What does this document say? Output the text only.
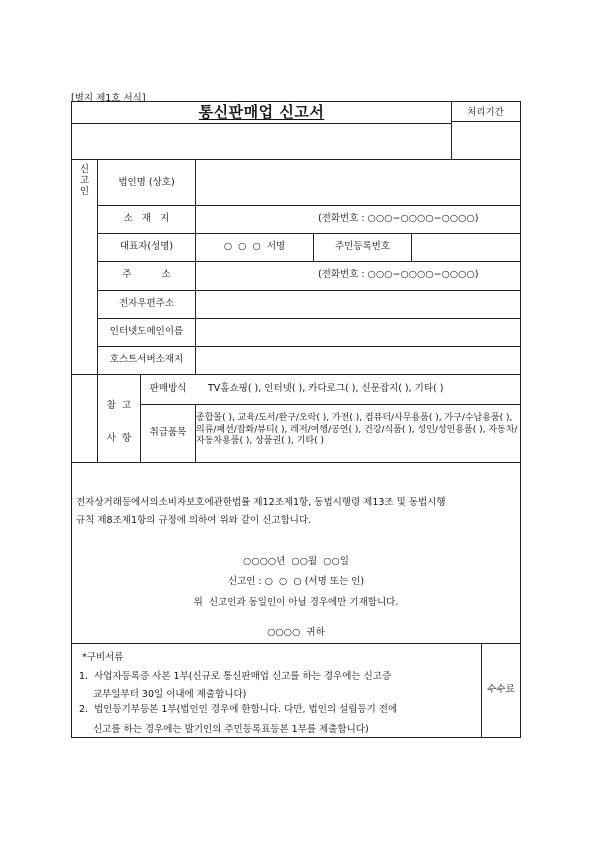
[별지 제1호 서식]
통신판매업 신고서	처리기간
신
고
인
법인명 (상호)
소   재   지	(전화번호 : ○○○−○○○○−○○○○)
대표자(성명)	○  ○  ○  서명	주민등록번호
주          소	(전화번호 : ○○○−○○○○−○○○○)
전자우편주소
인터넷도메인이름
호스트서버소재지

참  고

사  항

판매방식	TV홈쇼핑( ), 인터넷( ), 카다로그( ), 신문잡지( ), 기타( )
취급품목
종합몰( ), 교육/도서/완구/오락( ), 가전( ), 컴퓨터/사무용품( ), 가구/수납용품( ), 의류/패션/잡화/뷰티( ), 레저/여행/공연( ), 건강/식품( ), 성인/성인용품( ), 자동차/자동차용품( ), 상품권( ), 기타( )
전자상거래등에서의소비자보호에관한법률 제12조제1항, 동법시행령 제13조 및 동법시행
규칙 제8조제1항의 규정에 의하여 위와 같이 신고합니다.
○○○○년  ○○월  ○○일
신고인 : ○  ○  ○ (서명 또는 인)
위  신고인과 동일인이 아닐 경우에만 기재합니다.
○○○○  귀하
*구비서류
1.  사업자등록증 사본 1부(신규로 통신판매업 신고를 하는 경우에는 신고증
교부일부터 30일 이내에 제출합니다)
2.  법인등기부등본 1부(법인인 경우에 한합니다. 다만, 법인의 설립등기 전에
신고를 하는 경우에는 발기인의 주민등록표등본 1부를 제출합니다)
수수료
